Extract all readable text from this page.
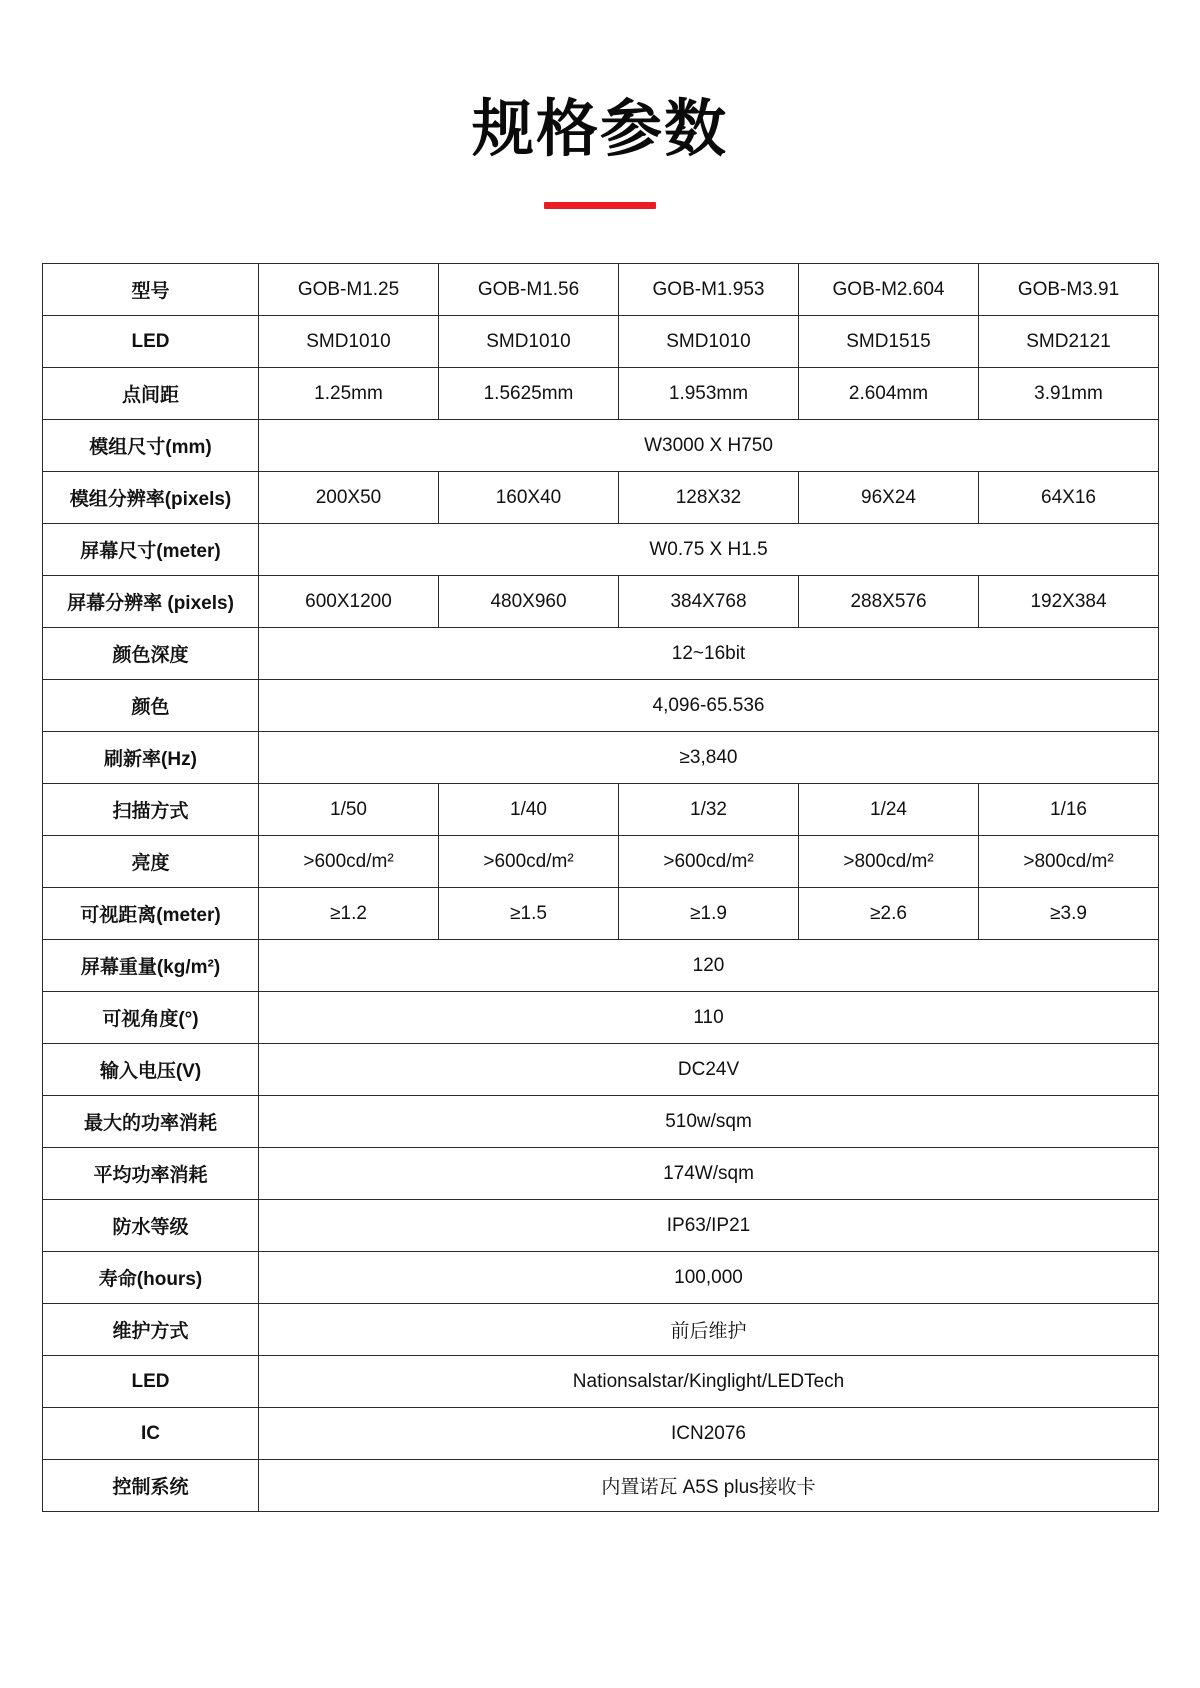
规格参数
型号	GOB-M1.25	GOB-M1.56	GOB-M1.953	GOB-M2.604	GOB-M3.91
LED	SMD1010	SMD1010	SMD1010	SMD1515	SMD2121
点间距	1.25mm	1.5625mm	1.953mm	2.604mm	3.91mm
模组尺寸(mm)	W3000 X H750				
模组分辨率(pixels)	200X50	160X40	128X32	96X24	64X16
屏幕尺寸(meter)	W0.75 X H1.5				
屏幕分辨率 (pixels)	600X1200	480X960	384X768	288X576	192X384
颜色深度	12~16bit				
颜色	4,096-65.536				
刷新率(Hz)	≥3,840				
扫描方式	1/50	1/40	1/32	1/24	1/16
亮度	>600cd/m²	>600cd/m²	>600cd/m²	>800cd/m²	>800cd/m²
可视距离(meter)	≥1.2	≥1.5	≥1.9	≥2.6	≥3.9
屏幕重量(kg/m²)	120				
可视角度(°)	110				
输入电压(V)	DC24V				
最大的功率消耗	510w/sqm				
平均功率消耗	174W/sqm				
防水等级	IP63/IP21				
寿命(hours)	100,000				
维护方式	前后维护				
LED	Nationsalstar/Kinglight/LEDTech				
IC	ICN2076				
控制系统	内置诺瓦 A5S plus接收卡				
